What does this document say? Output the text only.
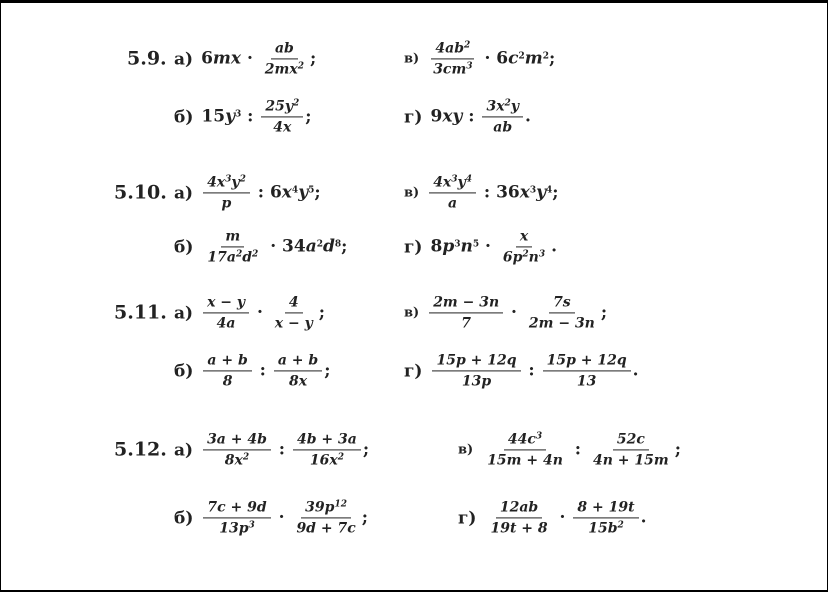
5.9. а) $6mx \cdot \frac{ab}{2mx^2}$ ;	$в) \frac{4ab^2}{3cm^3} \cdot 6c^2m^2$;
б) $15y^3$ : $\frac{25y^2}{4x}$ ;	г) 9xy : $\frac{3x^2y}{ab}$ .
5.10. $а) \frac{4x^3y^2}{p}$ : $6x^4y^5$;	$в) \frac{4x^3y^4}{a}$ : $36x^3y^4$;
$б) \frac{m}{17a^2d^2} \cdot 34a^2d^8$;	г) $8p^3n^5 \cdot \frac{x}{6p^2n^3}$ .
5.11. $а) \frac{x - y}{4a} \cdot \frac{4}{x - y}$ ;	$в) \frac{2m - 3n}{7} \cdot \frac{7s}{2m - 3n}$ ;
$б) \frac{a + b}{8}$ : $\frac{a + b}{8x}$ ;	$г) \frac{15p + 12q}{13p}$ : $\frac{15p + 12q}{13}$ .
5.12. $а) \frac{3a + 4b}{8x^2}$ : $\frac{4b + 3a}{16x^2}$ ;	$в) \frac{44c^3}{15m + 4n}$ : $\frac{52c}{4n + 15m}$ ;
$б) \frac{7c + 9d}{13p^3} \cdot \frac{39p^{12}}{9d + 7c}$ ;	$г) \frac{12ab}{19t + 8} \cdot \frac{8 + 19t}{15b^2}$ .
